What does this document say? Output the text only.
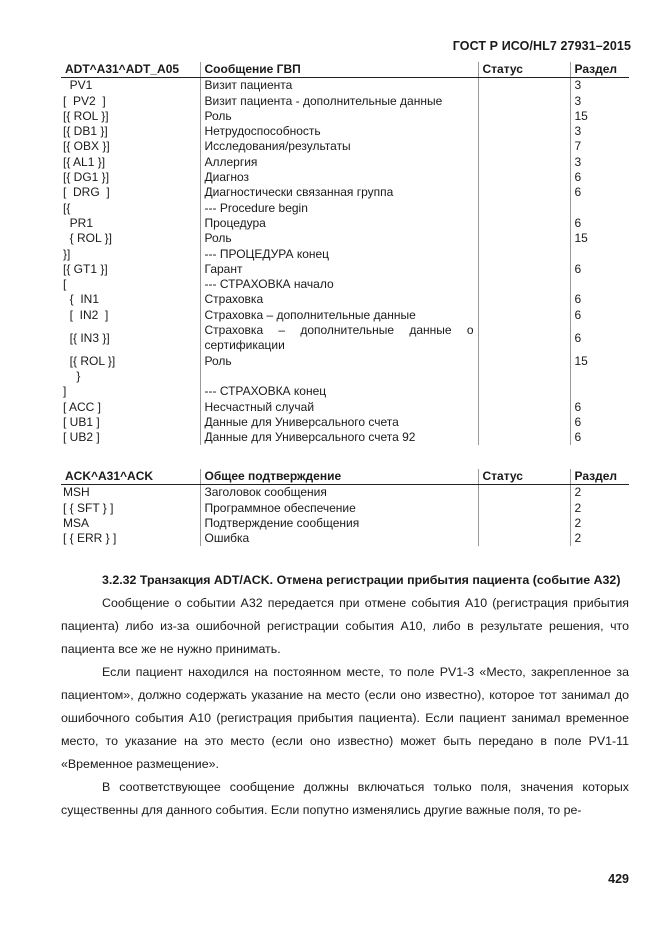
ГОСТ Р ИСО/HL7 27931–2015
ADT^A31^ADT_A05	Сообщение ГВП	Статус	Раздел
PV1	Визит пациента		3
[  PV2  ]	Визит пациента - дополнительные данные		3
[{ ROL }]	Роль		15
[{ DB1 }]	Нетрудоспособность		3
[{ OBX }]	Исследования/результаты		7
[{ AL1 }]	Аллергия		3
[{ DG1 }]	Диагноз		6
[  DRG  ]	Диагностически связанная группа		6
[{	--- Procedure begin		
PR1	Процедура		6
{ ROL }]	Роль		15
}]	--- ПРОЦЕДУРА конец		
[{ GT1 }]	Гарант		6
[	--- СТРАХОВКА начало		
{  IN1	Страховка		6
[  IN2  ]	Страховка – дополнительные данные		6
[{ IN3 }]	Страховка – дополнительные данные о сертификации		6
[{ ROL }]	Роль		15
}			
]	--- СТРАХОВКА конец		
[ ACC ]	Несчастный случай		6
[ UB1 ]	Данные для Универсального счета		6
[ UB2 ]	Данные для Универсального счета 92		6
ACK^A31^ACK	Общее подтверждение	Статус	Раздел
MSH	Заголовок сообщения		2
[ { SFT } ]	Программное обеспечение		2
MSA	Подтверждение сообщения		2
[ { ERR } ]	Ошибка		2
3.2.32 Транзакция ADT/ACK. Отмена регистрации прибытия пациента (событие A32)

Сообщение о событии A32 передается при отмене события A10 (регистрация прибытия пациента) либо из-за ошибочной регистрации события A10, либо в результате решения, что пациента все же не нужно принимать.

Если пациент находился на постоянном месте, то поле PV1-3 «Место, закрепленное за пациентом», должно содержать указание на место (если оно известно), которое тот занимал до ошибочного события A10 (регистрация прибытия пациента). Если пациент занимал временное место, то указание на это место (если оно известно) может быть передано в поле PV1-11 «Временное размещение».

В соответствующее сообщение должны включаться только поля, значения которых существенны для данного события. Если попутно изменялись другие важные поля, то ре-

429
